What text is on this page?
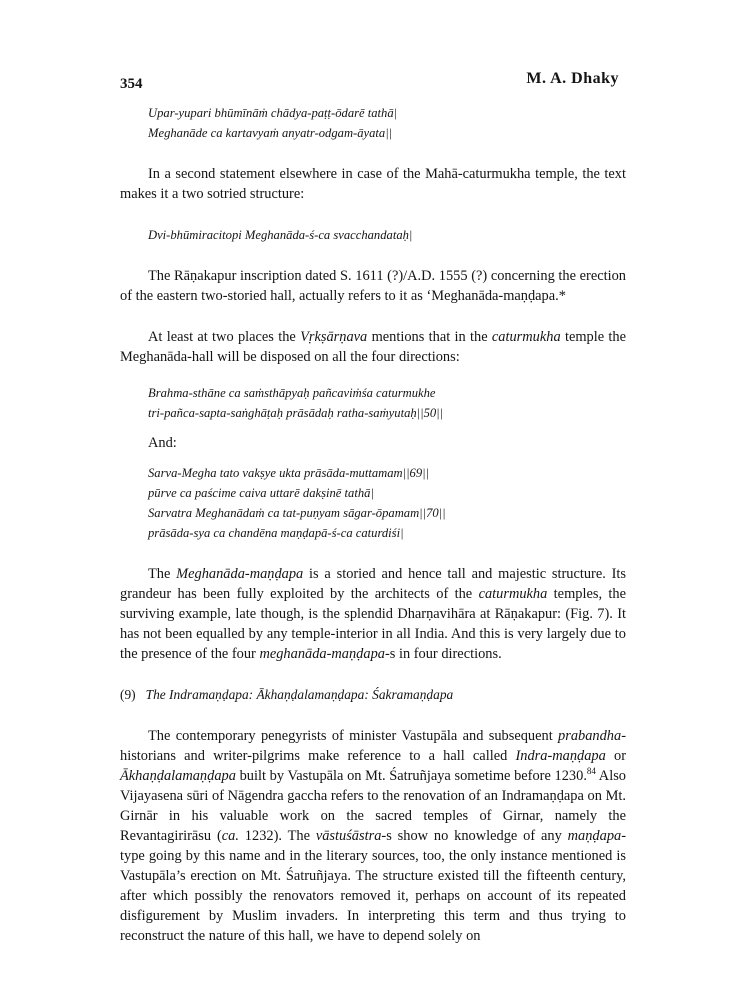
354	M. A. Dhaky
Upar-yupari bhūmīnāṁ chādya-paṭṭ-ōdarē tathā|
Meghanāde ca kartavyaṁ anyatr-odgam-āyata||

In a second statement elsewhere in case of the Mahā-caturmukha temple, the text makes it a two sotried structure:

Dvi-bhūmiracitopi Meghanāda-ś-ca svacchandataḥ|

The Rāṇakapur inscription dated S. 1611 (?)/A.D. 1555 (?) concerning the erection of the eastern two-storied hall, actually refers to it as ‘Meghanāda-maṇḍapa.*

At least at two places the Vṛkṣārṇava mentions that in the caturmukha temple the Meghanāda-hall will be disposed on all the four directions:

Brahma-sthāne ca saṁsthāpyaḥ pañcaviṁśa caturmukhe
tri-pañca-sapta-saṅghāṭaḥ prāsādaḥ ratha-saṁyutaḥ||50||

And:

Sarva-Megha tato vakṣye ukta prāsāda-muttamam||69||
pūrve ca paścime caiva uttarē dakṣinē tathā|
Sarvatra Meghanādaṁ ca tat-puṇyam sāgar-ōpamam||70||
prāsāda-sya ca chandēna maṇḍapā-ś-ca caturdiśi|

The Meghanāda-maṇḍapa is a storied and hence tall and majestic structure. Its grandeur has been fully exploited by the architects of the caturmukha temples, the surviving example, late though, is the splendid Dharṇavihāra at Rāṇakapur: (Fig. 7). It has not been equalled by any temple-interior in all India. And this is very largely due to the presence of the four meghanāda-maṇḍapa-s in four directions.

(9) The Indramaṇḍapa: Ākhaṇḍalamaṇḍapa: Śakramaṇḍapa

The contemporary penegyrists of minister Vastupāla and subsequent prabandha-historians and writer-pilgrims make reference to a hall called Indra-maṇḍapa or Ākhaṇḍalamaṇḍapa built by Vastupāla on Mt. Śatruñjaya sometime before 1230.84 Also Vijayasena sūri of Nāgendra gaccha refers to the renovation of an Indramaṇḍapa on Mt. Girnār in his valuable work on the sacred temples of Girnar, namely the Revantagirirāsu (ca. 1232). The vāstuśāstra-s show no knowledge of any maṇḍapa-type going by this name and in the literary sources, too, the only instance mentioned is Vastupāla’s erection on Mt. Śatruñjaya. The structure existed till the fifteenth century, after which possibly the renovators removed it, perhaps on account of its repeated disfigurement by Muslim invaders. In interpreting this term and thus trying to reconstruct the nature of this hall, we have to depend solely on
